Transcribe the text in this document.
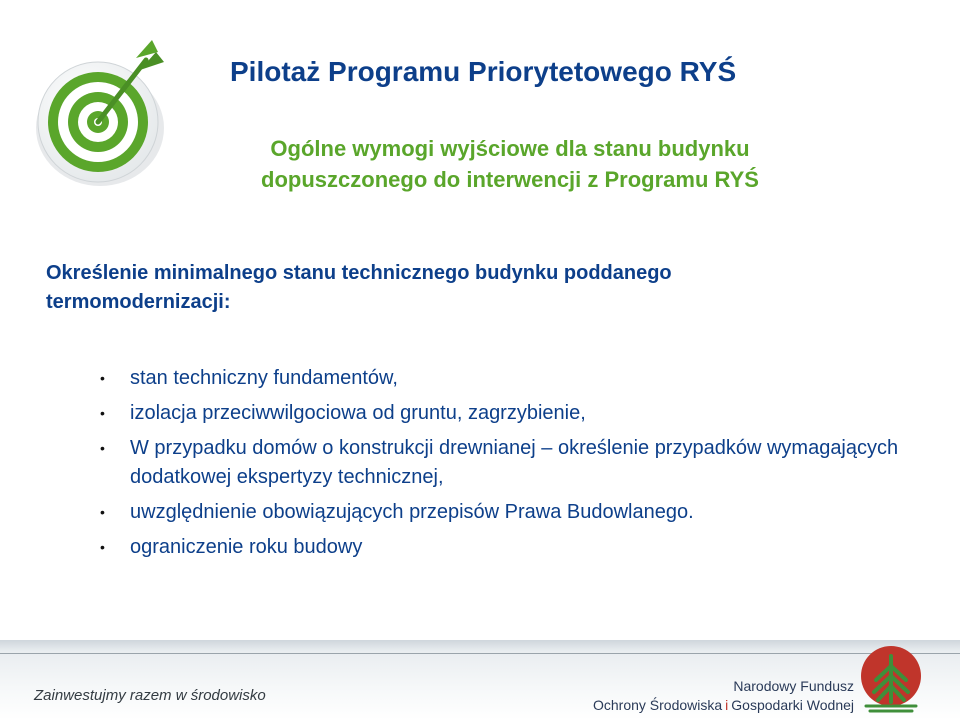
Pilotaż Programu Priorytetowego RYŚ
Ogólne wymogi wyjściowe dla stanu budynku
dopuszczonego do interwencji z Programu RYŚ
Określenie minimalnego stanu technicznego budynku poddanego termomodernizacji:
• stan techniczny fundamentów,
• izolacja przeciwwilgociowa od gruntu, zagrzybienie,
• W przypadku domów o konstrukcji drewnianej – określenie przypadków wymagających dodatkowej ekspertyzy technicznej,
• uwzględnienie obowiązujących przepisów Prawa Budowlanego.
• ograniczenie roku budowy
Zainwestujmy razem w środowisko
Narodowy Fundusz
Ochrony Środowiska i Gospodarki Wodnej
